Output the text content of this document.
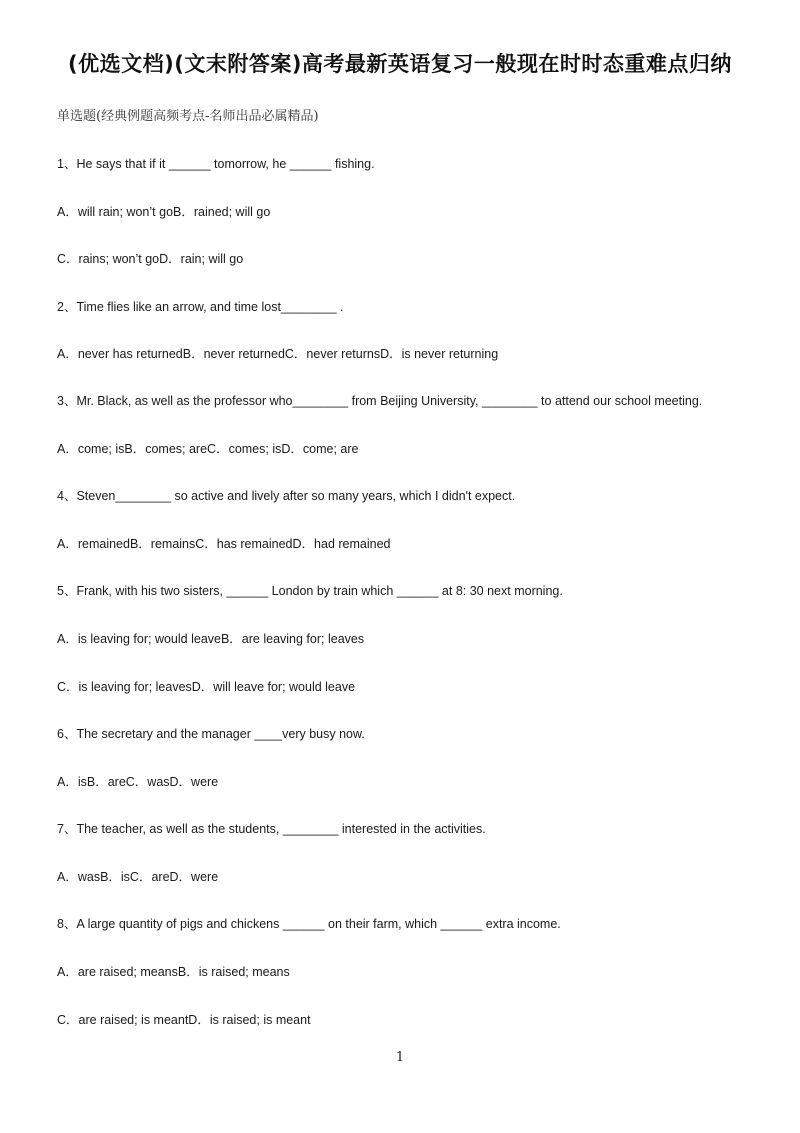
(优选文档)(文末附答案)高考最新英语复习一般现在时时态重难点归纳
单选题(经典例题高频考点-名师出品必属精品)
1、He says that if it ______ tomorrow, he ______ fishing.
A．will rain; won’t goB．rained; will go
C．rains; won’t goD．rain; will go
2、Time flies like an arrow, and time lost________ .
A．never has returnedB．never returnedC．never returnsD．is never returning
3、Mr. Black, as well as the professor who________ from Beijing University, ________ to attend our school meeting.
A．come; isB．comes; areC．comes; isD．come; are
4、Steven________ so active and lively after so many years, which I didn't expect.
A．remainedB．remainsC．has remainedD．had remained
5、Frank, with his two sisters, ______ London by train which ______ at 8: 30 next morning.
A．is leaving for; would leaveB．are leaving for; leaves
C．is leaving for; leavesD．will leave for; would leave
6、The secretary and the manager ____very busy now.
A．isB．areC．wasD．were
7、The teacher, as well as the students, ________ interested in the activities.
A．wasB．isC．areD．were
8、A large quantity of pigs and chickens ______ on their farm, which ______ extra income.
A．are raised; meansB．is raised; means
C．are raised; is meantD．is raised; is meant
1
